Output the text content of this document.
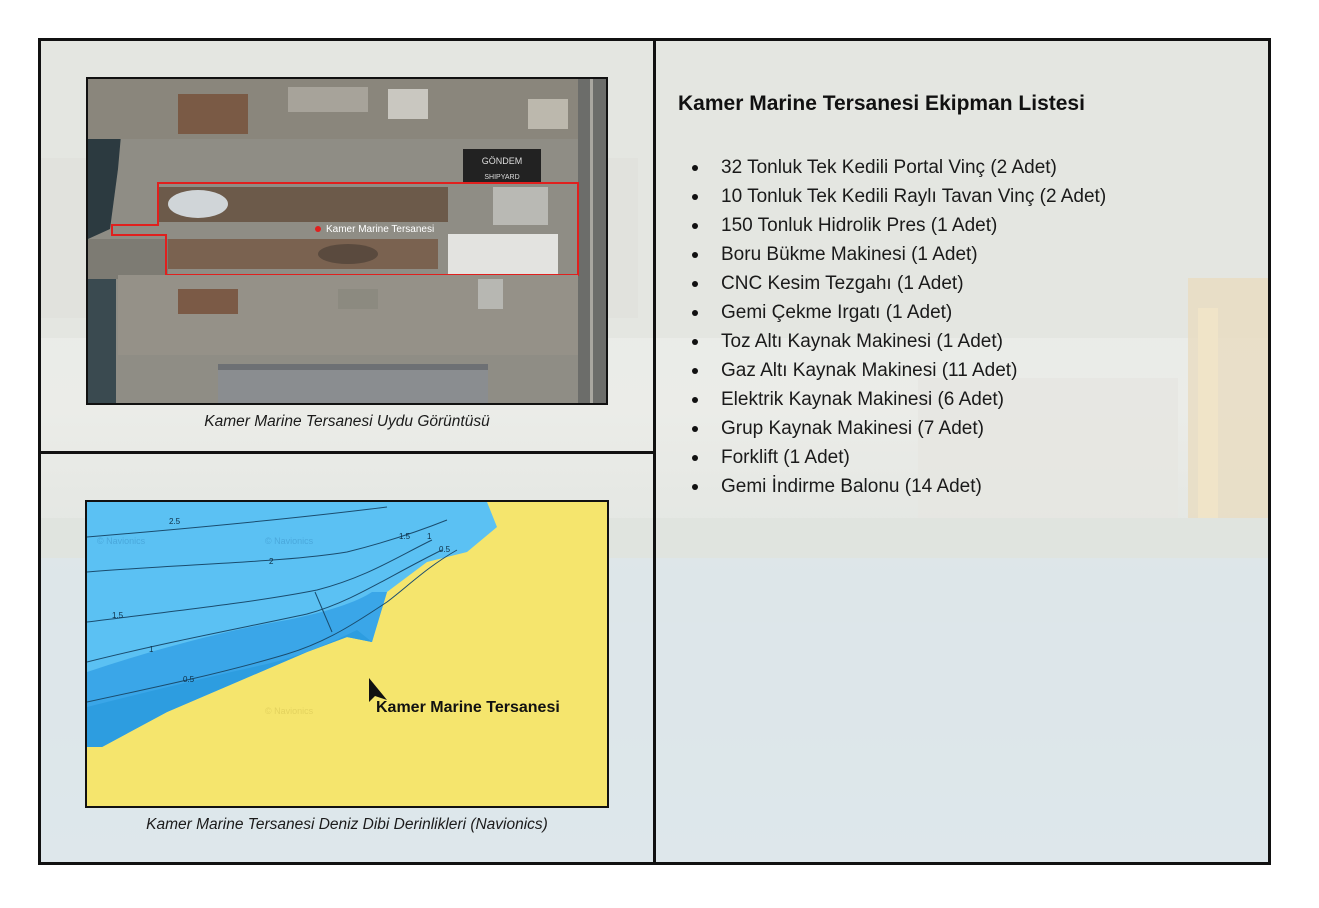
GÖNDEM
SHIPYARD
Kamer Marine Tersanesi
Kamer Marine Tersanesi Uydu Görüntüsü
2.5
2
1.5 1
0.5
1.5
1
0.5
© Navionics	© Navionics
© Navionics	Kamer Marine Tersanesi
Kamer Marine Tersanesi Deniz Dibi Derinlikleri (Navionics)
Kamer Marine Tersanesi Ekipman Listesi
32 Tonluk Tek Kedili Portal Vinç (2 Adet)
10 Tonluk Tek Kedili Raylı Tavan Vinç (2 Adet)
150 Tonluk Hidrolik Pres (1 Adet)
Boru Bükme Makinesi (1 Adet)
CNC Kesim Tezgahı (1 Adet)
Gemi Çekme Irgatı (1 Adet)
Toz Altı Kaynak Makinesi (1 Adet)
Gaz Altı Kaynak Makinesi (11 Adet)
Elektrik Kaynak Makinesi (6 Adet)
Grup Kaynak Makinesi (7 Adet)
Forklift (1 Adet)
Gemi İndirme Balonu (14 Adet)
